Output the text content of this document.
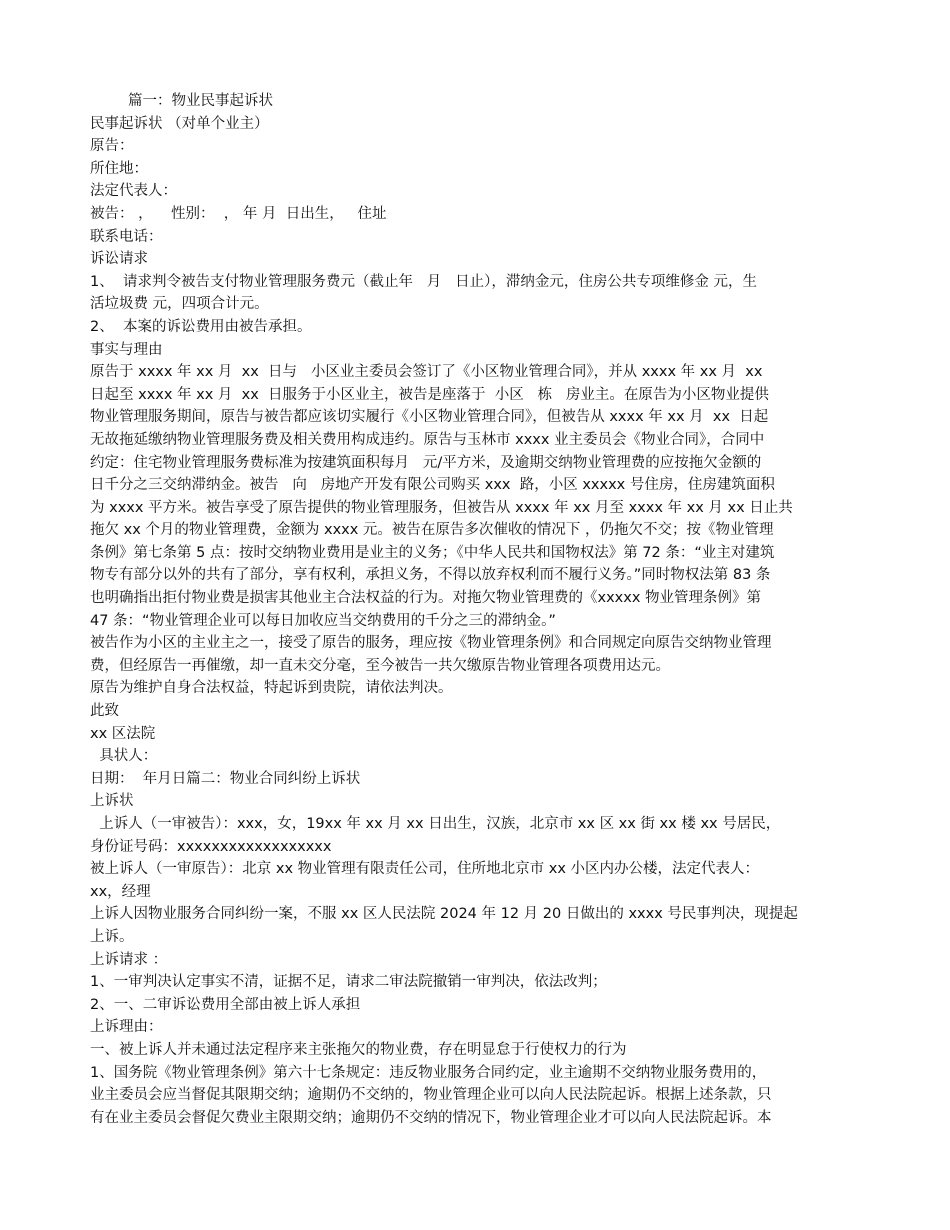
篇一：物业民事起诉状

民事起诉状 （对单个业主）

原告：

所住地：

法定代表人：

被告： ，    性别：  ， 年 月  日出生，   住址

联系电话：

诉讼请求

1、  请求判令被告支付物业管理服务费元（截止年   月   日止），滞纳金元，住房公共专项维修金 元，生

活垃圾费 元，四项合计元。

2、  本案的诉讼费用由被告承担。

事实与理由

原告于 xxxx 年 xx 月  xx  日与   小区业主委员会签订了《小区物业管理合同》，并从 xxxx 年 xx 月  xx

日起至 xxxx 年 xx 月  xx  日服务于小区业主，被告是座落于  小区   栋   房业主。在原告为小区物业提供

物业管理服务期间，原告与被告都应该切实履行《小区物业管理合同》，但被告从 xxxx 年 xx 月  xx  日起

无故拖延缴纳物业管理服务费及相关费用构成违约。原告与玉林市 xxxx 业主委员会《物业合同》，合同中

约定：住宅物业管理服务费标准为按建筑面积每月   元/平方米，及逾期交纳物业管理费的应按拖欠金额的

日千分之三交纳滞纳金。被告   向   房地产开发有限公司购买 xxx  路，小区 xxxxx 号住房，住房建筑面积

为 xxxx 平方米。被告享受了原告提供的物业管理服务，但被告从 xxxx 年 xx 月至 xxxx 年 xx 月 xx 日止共

拖欠 xx 个月的物业管理费，金额为 xxxx 元。被告在原告多次催收的情况下 ，仍拖欠不交；按《物业管理

条例》第七条第 5 点：按时交纳物业费用是业主的义务；《中华人民共和国物权法》第 72 条：“业主对建筑

物专有部分以外的共有了部分，享有权利，承担义务，不得以放弃权利而不履行义务。”同时物权法第 83 条

也明确指出拒付物业费是损害其他业主合法权益的行为。对拖欠物业管理费的《xxxxx 物业管理条例》第

47 条：“物业管理企业可以每日加收应当交纳费用的千分之三的滞纳金。”

被告作为小区的主业主之一，接受了原告的服务，理应按《物业管理条例》和合同规定向原告交纳物业管理

费，但经原告一再催缴，却一直未交分毫，至今被告一共欠缴原告物业管理各项费用达元。

原告为维护自身合法权益，特起诉到贵院，请依法判决。

此致

xx 区法院

具状人：

日期：  年月日篇二：物业合同纠纷上诉状

上诉状

上诉人（一审被告）：xxx，女，19xx 年 xx 月 xx 日出生，汉族，北京市 xx 区 xx 街 xx 楼 xx 号居民，

身份证号码：xxxxxxxxxxxxxxxxxx

被上诉人（一审原告）：北京 xx 物业管理有限责任公司，住所地北京市 xx 小区内办公楼，法定代表人：

xx，经理

上诉人因物业服务合同纠纷一案，不服 xx 区人民法院 2024 年 12 月 20 日做出的 xxxx 号民事判决，现提起

上诉。

上诉请求 ：

1、一审判决认定事实不清，证据不足，请求二审法院撤销一审判决，依法改判；

2、一、二审诉讼费用全部由被上诉人承担

上诉理由：

一、被上诉人并未通过法定程序来主张拖欠的物业费，存在明显怠于行使权力的行为

1、国务院《物业管理条例》第六十七条规定：违反物业服务合同约定，业主逾期不交纳物业服务费用的，

业主委员会应当督促其限期交纳；逾期仍不交纳的，物业管理企业可以向人民法院起诉。根据上述条款，只

有在业主委员会督促欠费业主限期交纳；逾期仍不交纳的情况下，物业管理企业才可以向人民法院起诉。本
